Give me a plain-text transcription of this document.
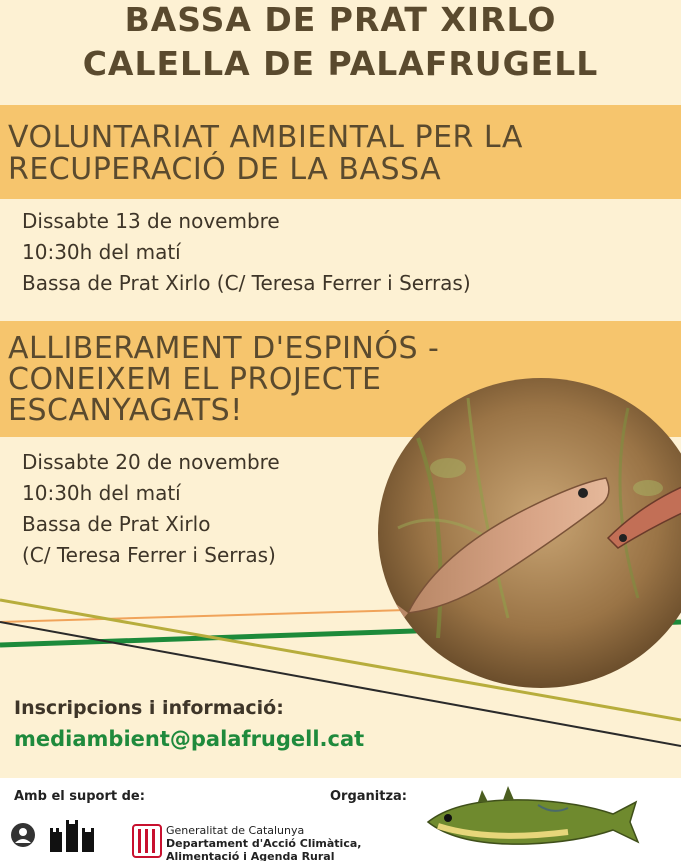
BASSA DE PRAT XIRLO
CALELLA DE PALAFRUGELL
VOLUNTARIAT AMBIENTAL PER LA
RECUPERACIÓ DE LA BASSA
Dissabte 13 de novembre
10:30h del matí
Bassa de Prat Xirlo (C/ Teresa Ferrer i Serras)
ALLIBERAMENT D'ESPINÓS -
CONEIXEM EL PROJECTE
ESCANYAGATS!
Dissabte 20 de novembre
10:30h del matí
Bassa de Prat Xirlo
(C/ Teresa Ferrer i Serras)
Inscripcions i informació:
mediambient@palafrugell.cat
Amb el suport de:	Organitza:
Generalitat de Catalunya
Departament d'Acció Climàtica,
Alimentació i Agenda Rural
